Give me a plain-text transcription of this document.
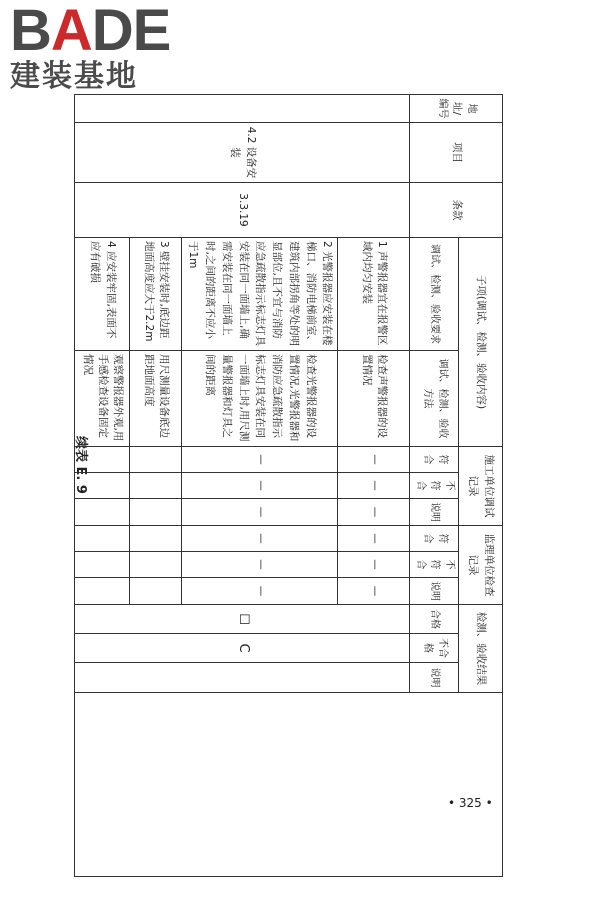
BADE
建装基地
续表 E. 9
地址/编号	项目	条款	子项(调试、检测、验收内容)		施工单位调试记录			监理单位检查记录			检测、验收结果			
			调试、检测、验收要求	调试、检测、验收方法	符合	不符合	说明	符合	不符合	说明	合格	不合格	说明	
	4.2 设备安装	3.3.19	1 声警报器宜在报警区域内均匀安装	检查声警报器的设置情况	—	—	—	—	—	—	☐	C		
			2 光警报器应安装在楼梯口、消防电梯前室、建筑内部拐角等处的明显部位,且不宜与消防应急疏散指示标志灯具安装在同一面墙上,确需安装在同一面墙上时,之间的距离不应小于1m	检查光警报器的设置情况,光警报器和消防应急疏散指示标志灯具安装在同一面墙上时,用尺测量警报器和灯具之间的距离	—	—	—	—	—	—				
			3 壁挂安装时,底边距地面高度应大于2.2m	用尺测量设备底边距地面高度										
			4 应安装牢固,表面不应有破损	观察警报器外观,用手感检查设备固定情况										
• 325 •
